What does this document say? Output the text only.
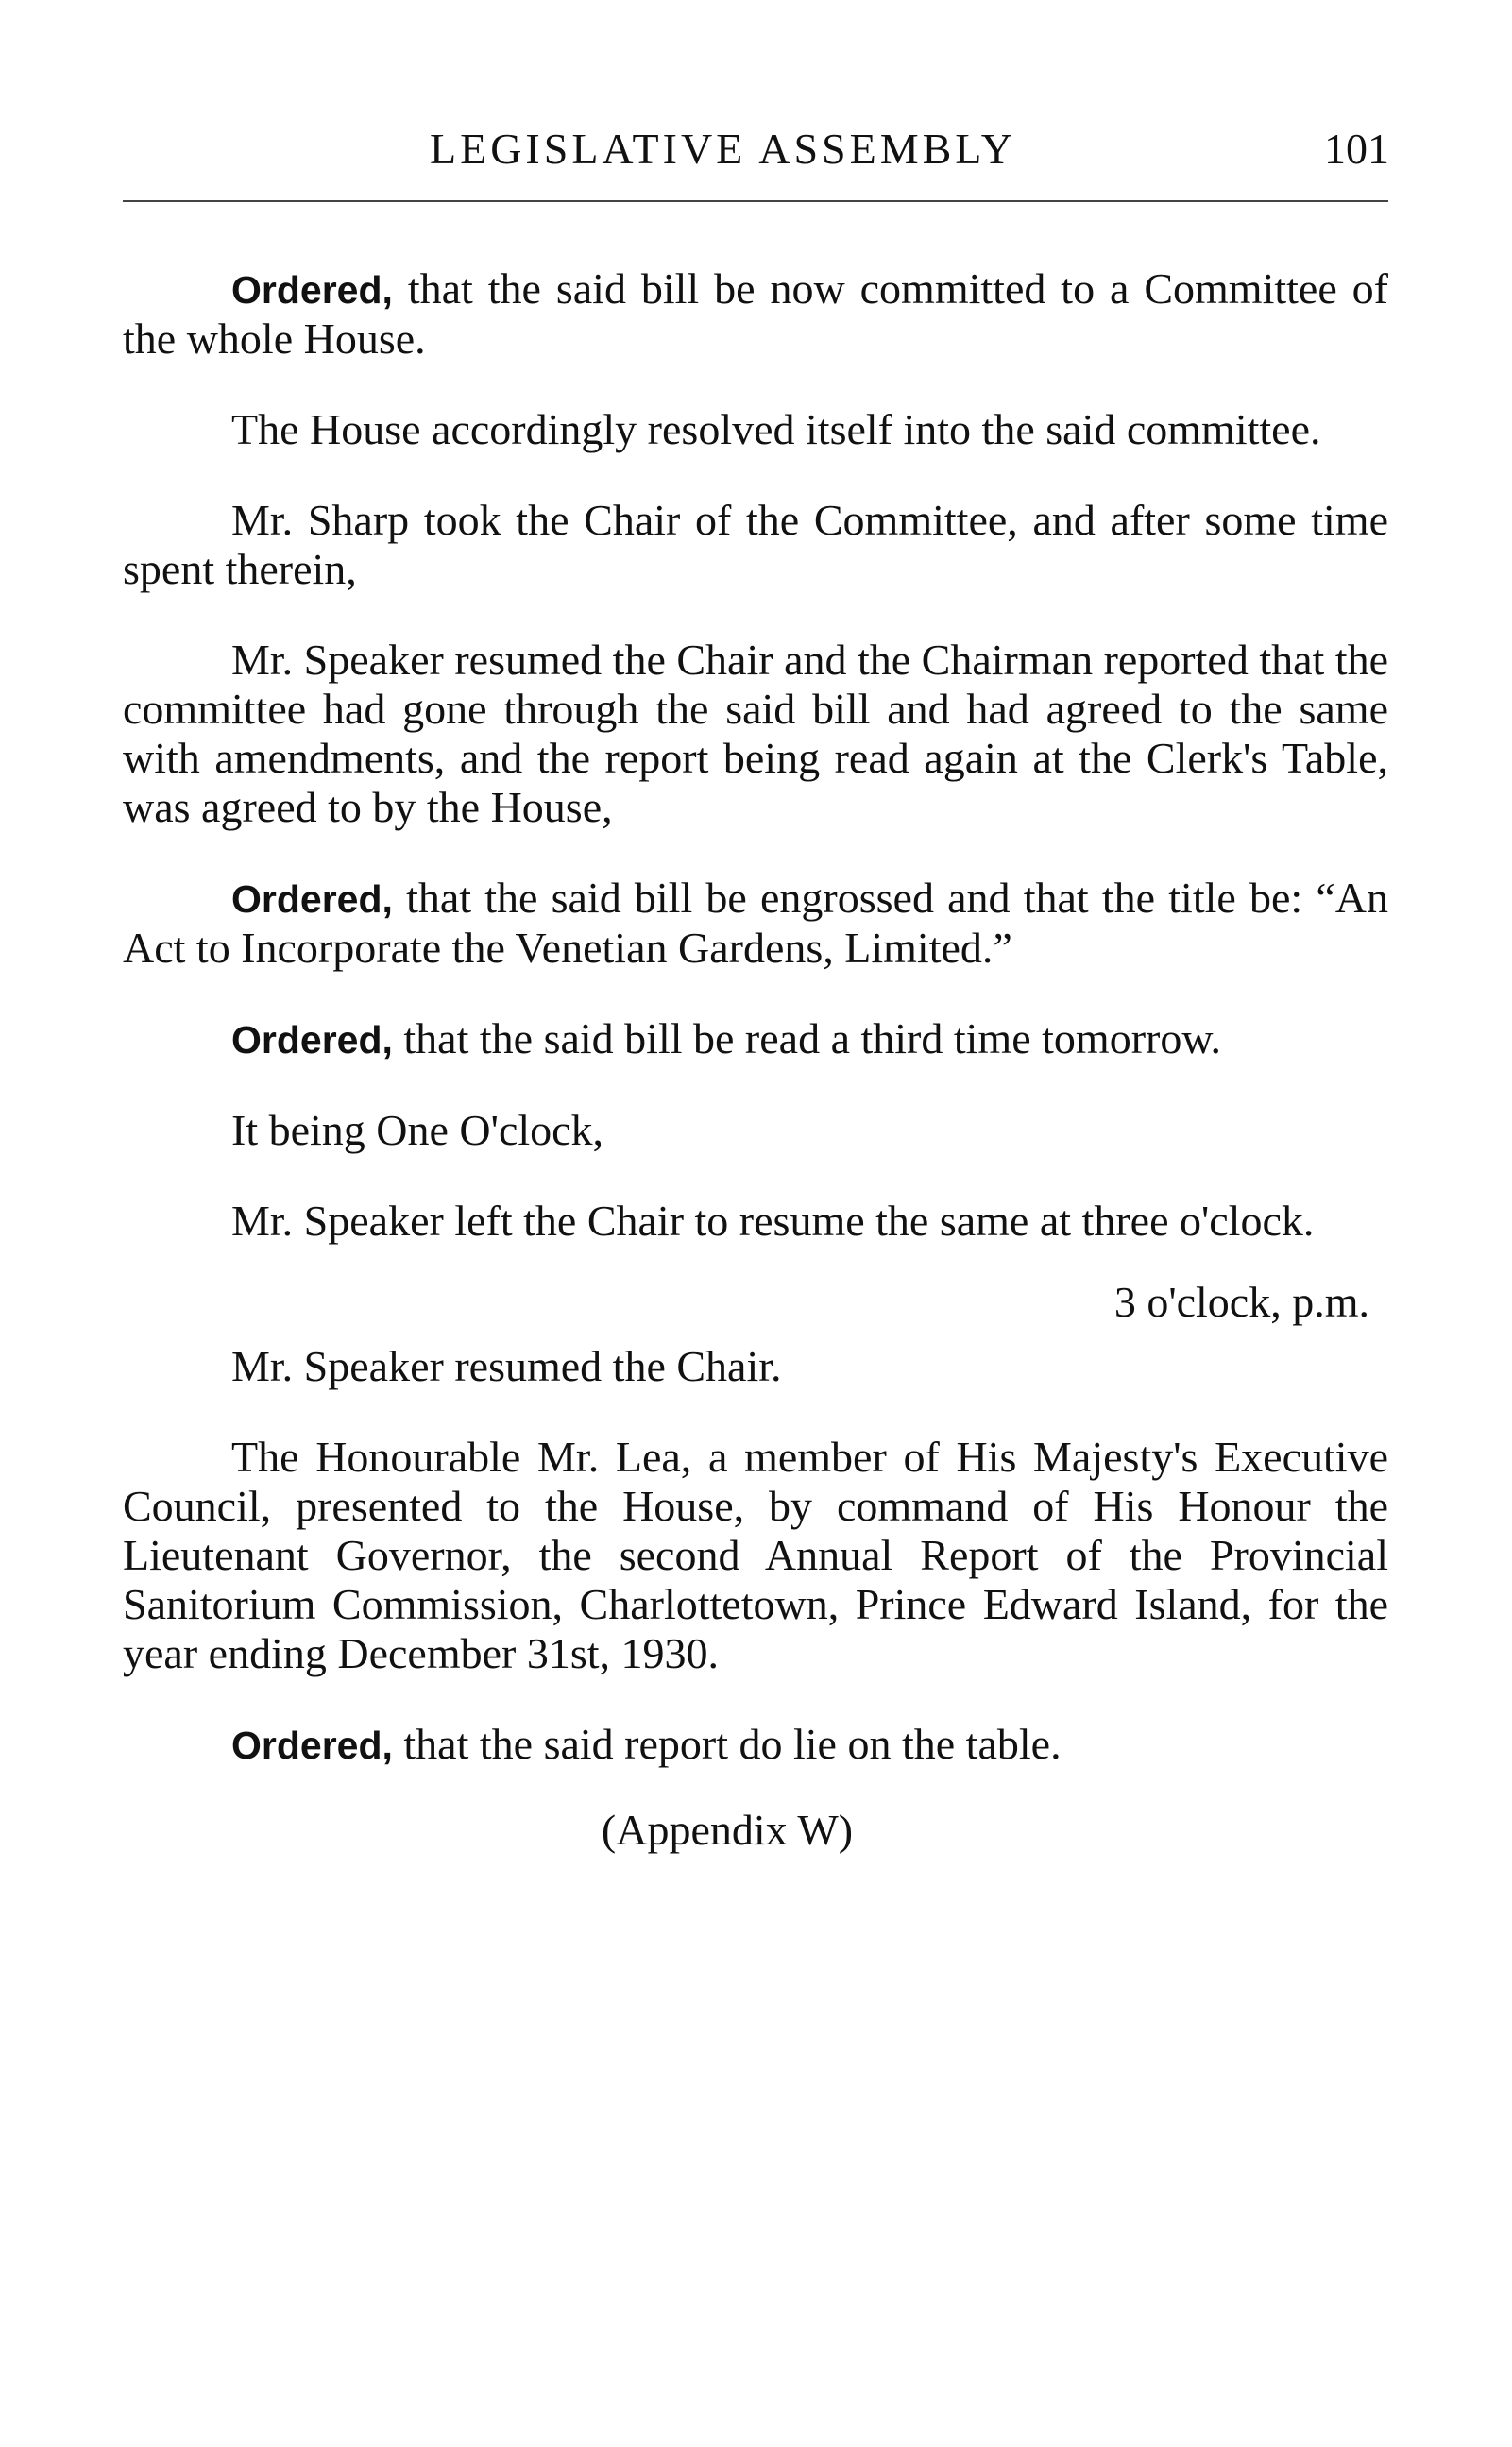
LEGISLATIVE ASSEMBLY	101

Ordered, that the said bill be now committed to a Committee of the whole House.

The House accordingly resolved itself into the said committee.

Mr. Sharp took the Chair of the Committee, and after some time spent therein,

Mr. Speaker resumed the Chair and the Chairman reported that the committee had gone through the said bill and had agreed to the same with amendments, and the report being read again at the Clerk's Table, was agreed to by the House,

Ordered, that the said bill be engrossed and that the title be: “An Act to Incorporate the Venetian Gardens, Limited.”

Ordered, that the said bill be read a third time tomorrow.

It being One O'clock,

Mr. Speaker left the Chair to resume the same at three o'clock.

3 o'clock, p.m.

Mr. Speaker resumed the Chair.

The Honourable Mr. Lea, a member of His Majesty's Executive Council, presented to the House, by command of His Honour the Lieutenant Governor, the second Annual Report of the Provincial Sanitorium Commission, Charlottetown, Prince Edward Island, for the year ending December 31st, 1930.

Ordered, that the said report do lie on the table.

(Appendix W)
